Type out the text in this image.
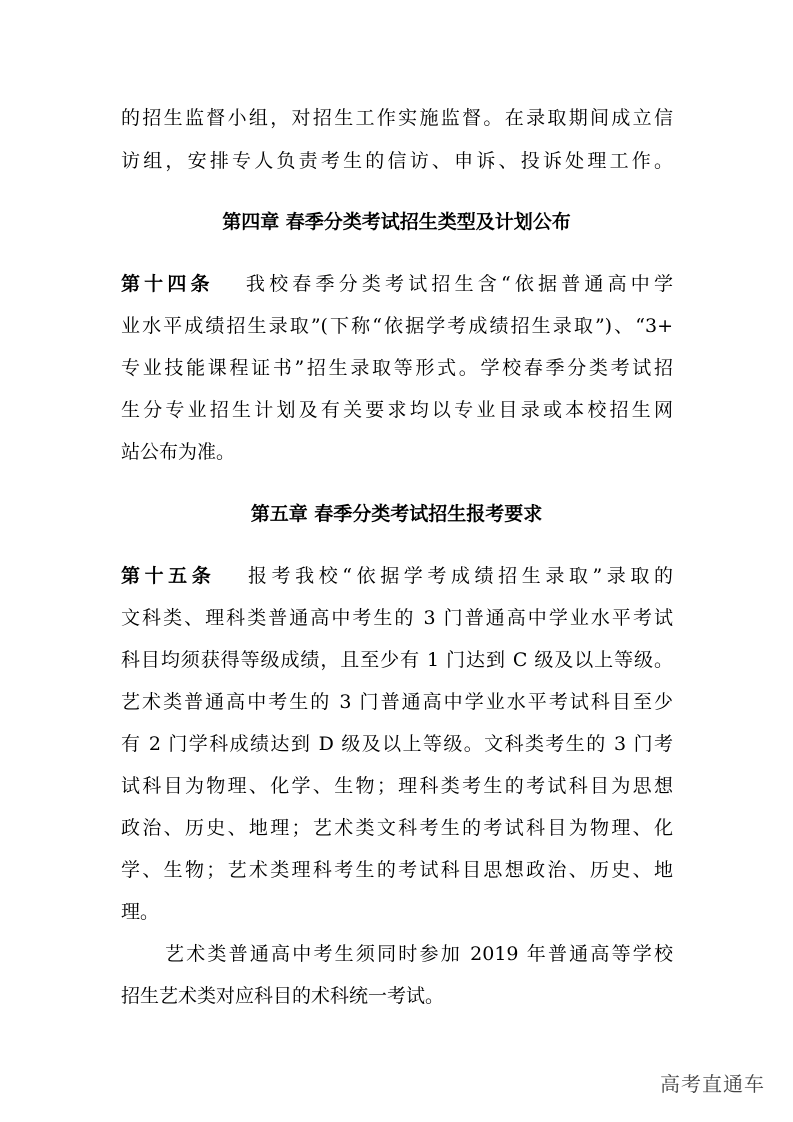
的招生监督小组，对招生工作实施监督。在录取期间成立信
访组，安排专人负责考生的信访、申诉、投诉处理工作。
第四章 春季分类考试招生类型及计划公布
第十四条 我校春季分类考试招生含“依据普通高中学
业水平成绩招生录取”(下称“依据学考成绩招生录取”)、“3+
专业技能课程证书”招生录取等形式。学校春季分类考试招
生分专业招生计划及有关要求均以专业目录或本校招生网
站公布为准。
第五章 春季分类考试招生报考要求
第十五条 报考我校“依据学考成绩招生录取”录取的
文科类、理科类普通高中考生的 3 门普通高中学业水平考试
科目均须获得等级成绩，且至少有 1 门达到 C 级及以上等级。
艺术类普通高中考生的 3 门普通高中学业水平考试科目至少
有 2 门学科成绩达到 D 级及以上等级。文科类考生的 3 门考
试科目为物理、化学、生物；理科类考生的考试科目为思想
政治、历史、地理；艺术类文科考生的考试科目为物理、化
学、生物；艺术类理科考生的考试科目思想政治、历史、地
理。
艺术类普通高中考生须同时参加 2019 年普通高等学校
招生艺术类对应科目的术科统一考试。
高考直通车
